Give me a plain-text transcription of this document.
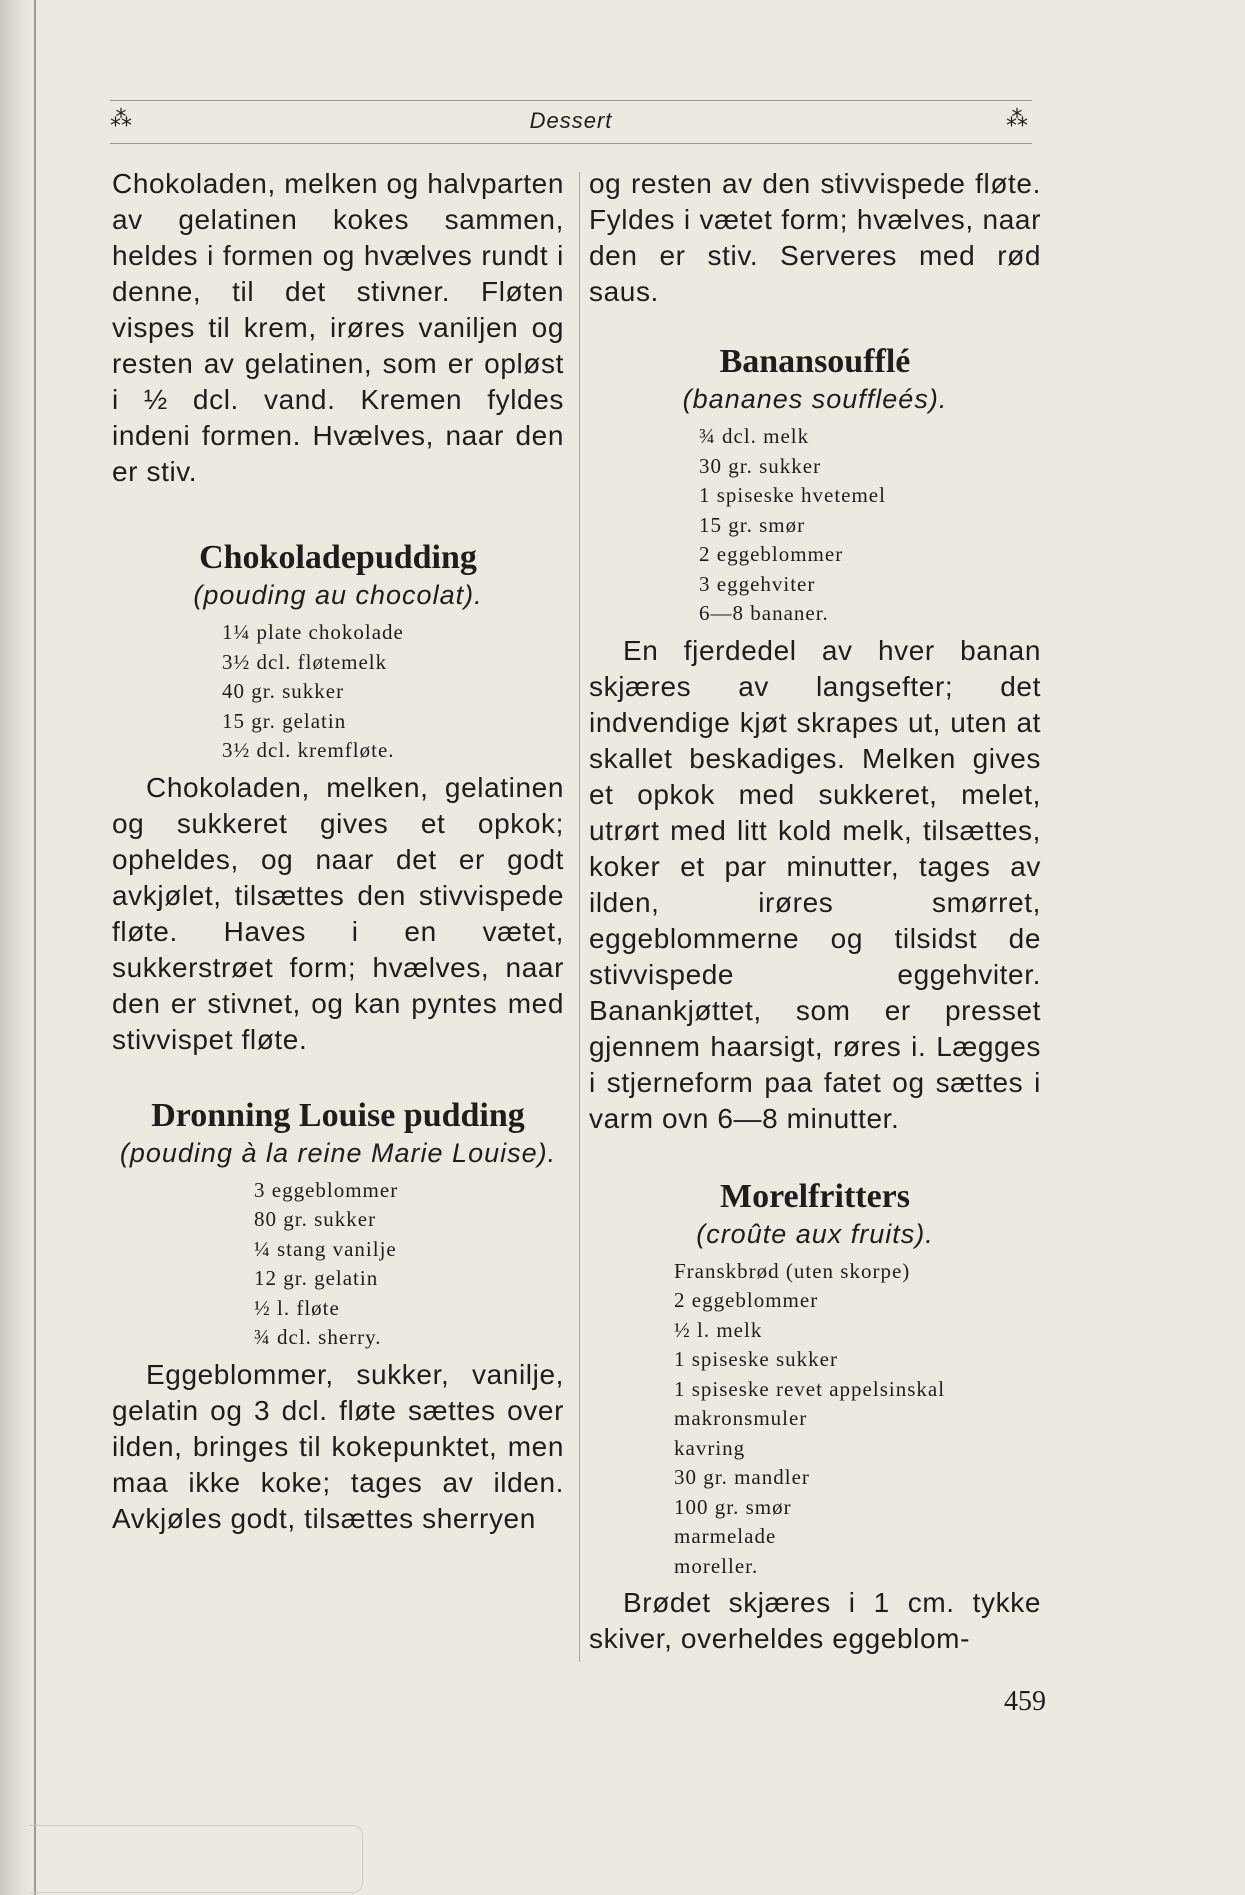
⁂	Dessert	⁂

Chokoladen, melken og halvparten av gelatinen kokes sammen, heldes i formen og hvælves rundt i denne, til det stivner. Fløten vispes til krem, irøres vaniljen og resten av gelatinen, som er opløst i ½ dcl. vand. Kremen fyldes indeni formen. Hvælves, naar den er stiv.

Chokoladepudding

(pouding au chocolat).

1¼ plate chokolade
3½ dcl. fløtemelk
40 gr. sukker
15 gr. gelatin
3½ dcl. kremfløte.

Chokoladen, melken, gelatinen og sukkeret gives et opkok; opheldes, og naar det er godt avkjølet, tilsættes den stivvispede fløte. Haves i en vætet, sukkerstrøet form; hvælves, naar den er stivnet, og kan pyntes med stivvispet fløte.

Dronning Louise pudding

(pouding à la reine Marie Louise).

3 eggeblommer
80 gr. sukker
¼ stang vanilje
12 gr. gelatin
½ l. fløte
¾ dcl. sherry.

Eggeblommer, sukker, vanilje, gelatin og 3 dcl. fløte sættes over ilden, bringes til kokepunktet, men maa ikke koke; tages av ilden. Avkjøles godt, tilsættes sherryen

og resten av den stivvispede fløte. Fyldes i vætet form; hvælves, naar den er stiv. Serveres med rød saus.

Banansoufflé

(bananes souffleés).

¾ dcl. melk
30 gr. sukker
1 spiseske hvetemel
15 gr. smør
2 eggeblommer
3 eggehviter
6—8 bananer.

En fjerdedel av hver banan skjæres av langsefter; det indvendige kjøt skrapes ut, uten at skallet beskadiges. Melken gives et opkok med sukkeret, melet, utrørt med litt kold melk, tilsættes, koker et par minutter, tages av ilden, irøres smørret, eggeblommerne og tilsidst de stivvispede eggehviter. Banankjøttet, som er presset gjennem haarsigt, røres i. Lægges i stjerneform paa fatet og sættes i varm ovn 6—8 minutter.

Morelfritters

(croûte aux fruits).

Franskbrød (uten skorpe)
2 eggeblommer
½ l. melk
1 spiseske sukker
1 spiseske revet appelsinskal
makronsmuler
kavring
30 gr. mandler
100 gr. smør
marmelade
moreller.

Brødet skjæres i 1 cm. tykke skiver, overheldes eggeblom-

459
